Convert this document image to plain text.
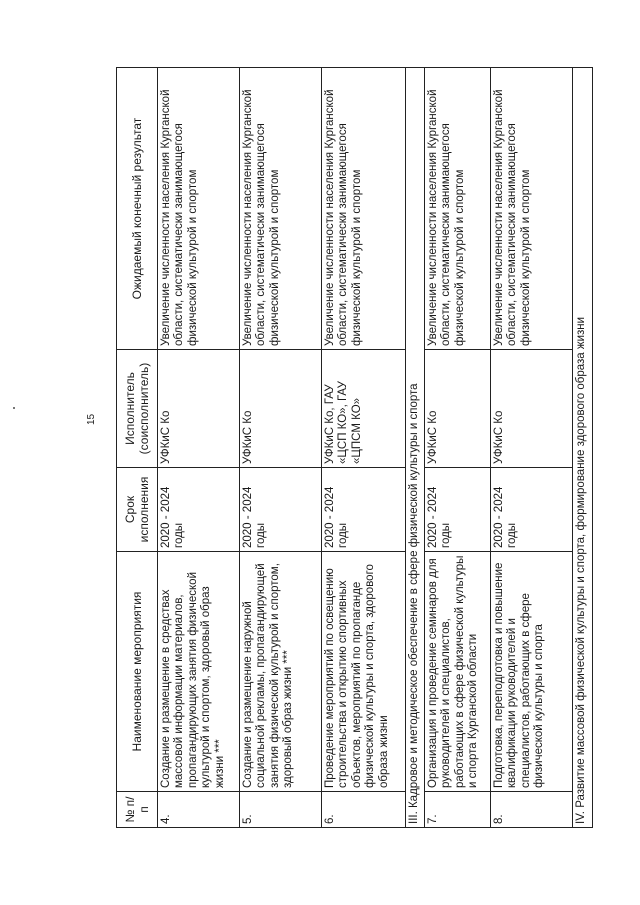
15
№ п/п	Наименование мероприятия	Срок исполнения	Исполнитель (соисполнитель)	Ожидаемый конечный результат
4.	Создание и размещение в средствах массовой информации материалов, пропагандирующих занятия физической культурой и спортом, здоровый образ жизни ***	2020 - 2024 годы	УФКиС Ко	Увеличение численности населения Курганской области, систематически занимающегося физической культурой и спортом
5.	Создание и размещение наружной социальной рекламы, пропагандирующей занятия физической культурой и спортом, здоровый образ жизни ***	2020 - 2024 годы	УФКиС Ко	Увеличение численности населения Курганской области, систематически занимающегося физической культурой и спортом
6.	Проведение мероприятий по освещению строительства и открытию спортивных объектов, мероприятий по пропаганде физической культуры и спорта, здорового образа жизни	2020 - 2024 годы	УФКиС Ко, ГАУ «ЦСП КО», ГАУ «ЦПСМ КО»	Увеличение численности населения Курганской области, систематически занимающегося физической культурой и спортом
III. Кадровое и методическое обеспечение в сфере физической культуры и спорта				
7.	Организация и проведение семинаров для руководителей и специалистов, работающих в сфере физической культуры и спорта Курганской области	2020 - 2024 годы	УФКиС Ко	Увеличение численности населения Курганской области, систематически занимающегося физической культурой и спортом
8.	Подготовка, переподготовка и повышение квалификации руководителей и специалистов, работающих в сфере физической культуры и спорта	2020 - 2024 годы	УФКиС Ко	Увеличение численности населения Курганской области, систематически занимающегося физической культурой и спортом
IV. Развитие массовой физической культуры и спорта, формирование здорового образа жизни				
